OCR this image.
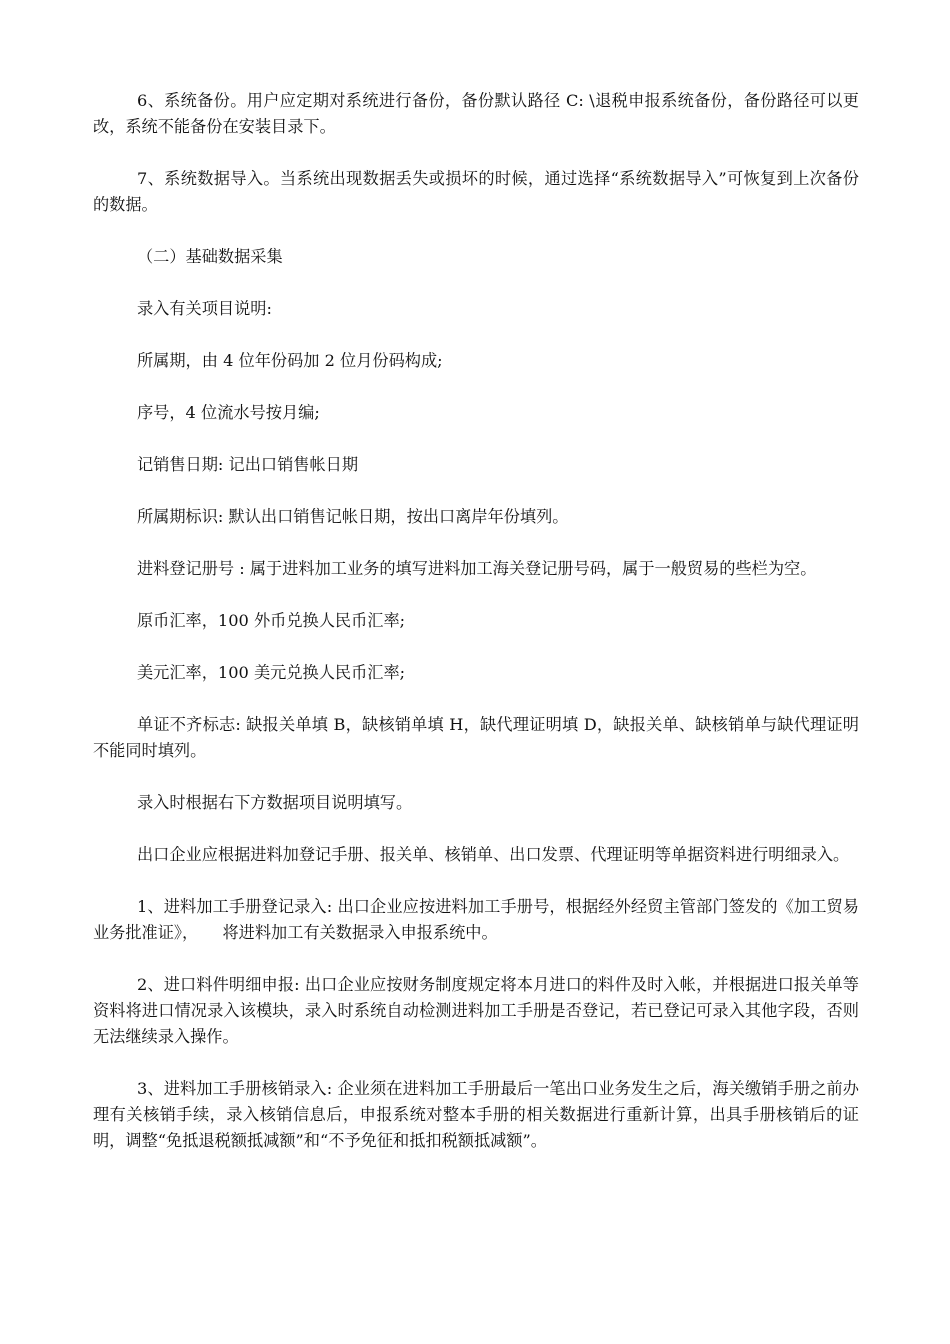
6、系统备份。用户应定期对系统进行备份，备份默认路径 C: \退税申报系统备份，备份路径可以更改，系统不能备份在安装目录下。

7、系统数据导入。当系统出现数据丢失或损坏的时候，通过选择“系统数据导入”可恢复到上次备份的数据。

（二）基础数据采集

录入有关项目说明:

所属期，由 4 位年份码加 2 位月份码构成;

序号，4 位流水号按月编;

记销售日期: 记出口销售帐日期

所属期标识: 默认出口销售记帐日期，按出口离岸年份填列。

进料登记册号 : 属于进料加工业务的填写进料加工海关登记册号码，属于一般贸易的些栏为空。

原币汇率，100 外币兑换人民币汇率;

美元汇率，100 美元兑换人民币汇率;

单证不齐标志: 缺报关单填 B，缺核销单填 H，缺代理证明填 D，缺报关单、缺核销单与缺代理证明不能同时填列。

录入时根据右下方数据项目说明填写。

出口企业应根据进料加登记手册、报关单、核销单、出口发票、代理证明等单据资料进行明细录入。

1、进料加工手册登记录入: 出口企业应按进料加工手册号，根据经外经贸主管部门签发的《加工贸易业务批准证》，　　将进料加工有关数据录入申报系统中。

2、进口料件明细申报: 出口企业应按财务制度规定将本月进口的料件及时入帐，并根据进口报关单等资料将进口情况录入该模块，录入时系统自动检测进料加工手册是否登记，若已登记可录入其他字段，否则无法继续录入操作。

3、进料加工手册核销录入: 企业须在进料加工手册最后一笔出口业务发生之后，海关缴销手册之前办理有关核销手续，录入核销信息后，申报系统对整本手册的相关数据进行重新计算，出具手册核销后的证明，调整“免抵退税额抵减额”和“不予免征和抵扣税额抵减额”。
